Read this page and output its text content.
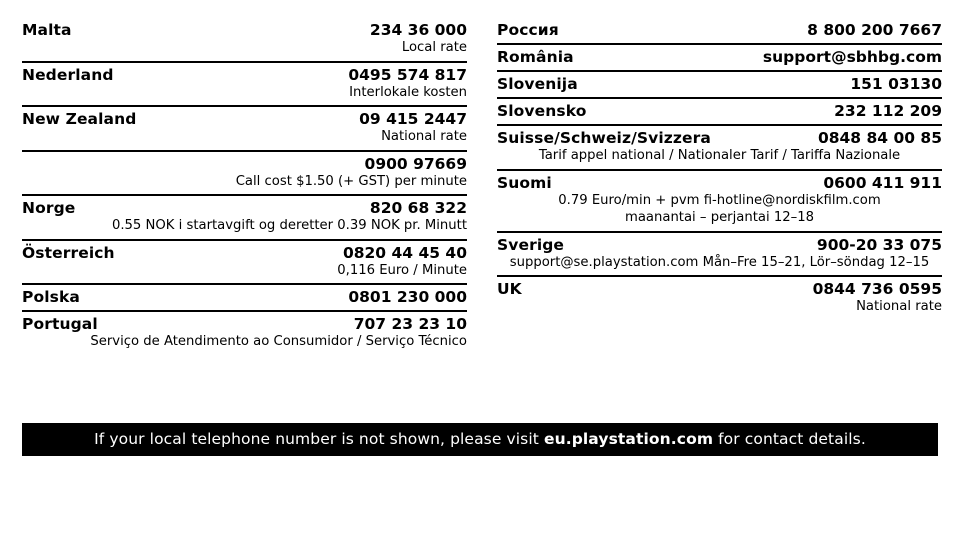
Malta	234 36 000
Local rate
Nederland	0495 574 817
Interlokale kosten
New Zealand	09 415 2447
National rate
0900 97669
Call cost $1.50 (+ GST) per minute
Norge	820 68 322
0.55 NOK i startavgift og deretter 0.39 NOK pr. Minutt
Österreich	0820 44 45 40
0,116 Euro / Minute
Polska	0801 230 000
Portugal	707 23 23 10
Serviço de Atendimento ao Consumidor / Serviço Técnico
Россия	8 800 200 7667
România	support@sbhbg.com
Slovenija	151 03130
Slovensko	232 112 209
Suisse/Schweiz/Svizzera	0848 84 00 85
Tarif appel national / Nationaler Tarif / Tariffa Nazionale
Suomi	0600 411 911
0.79 Euro/min + pvm fi-hotline@nordiskfilm.com
maanantai – perjantai 12–18
Sverige	900-20 33 075
support@se.playstation.com Mån–Fre 15–21, Lör–söndag 12–15
UK	0844 736 0595
National rate
If your local telephone number is not shown, please visit eu.playstation.com for contact details.
